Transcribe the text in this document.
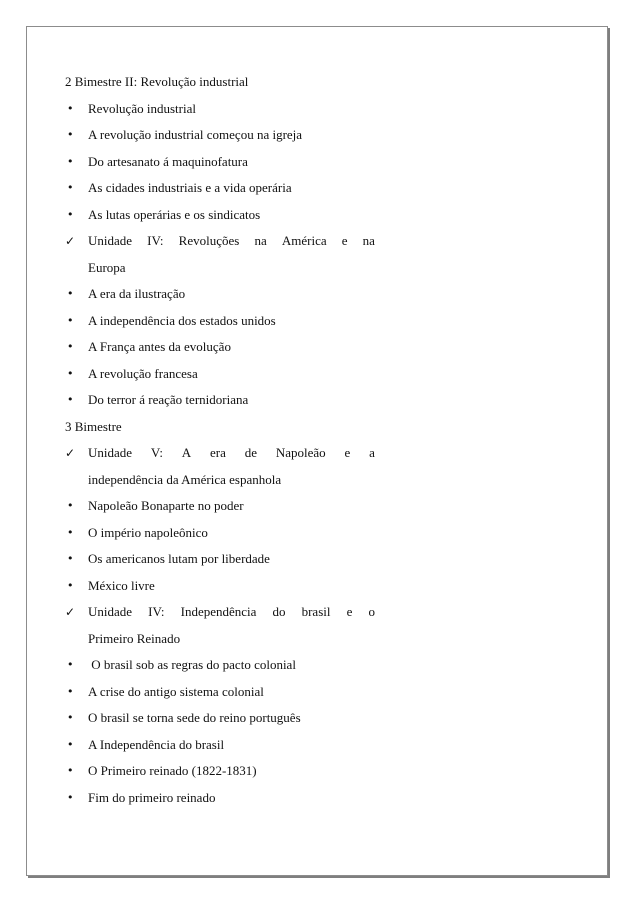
2 Bimestre II: Revolução industrial
•	Revolução industrial
•	A revolução industrial começou na igreja
•	Do artesanato á maquinofatura
•	As cidades industriais e a vida operária
•	As lutas operárias e os sindicatos
✓ Unidade IV: Revoluções na América e na
Europa
•	A era da ilustração
•	A independência dos estados unidos
•	A França antes da evolução
•	A revolução francesa
•	Do terror á reação ternidoriana
3 Bimestre
✓ Unidade V: A era de Napoleão e a
independência da América espanhola
•	Napoleão Bonaparte no poder
•	O império napoleônico
•	Os americanos lutam por liberdade
•	México livre
✓ Unidade IV: Independência do brasil e o
Primeiro Reinado
•	O brasil sob as regras do pacto colonial
•	A crise do antigo sistema colonial
•	O brasil se torna sede do reino português
•	A Independência do brasil
•	O Primeiro reinado (1822-1831)
•	Fim do primeiro reinado
